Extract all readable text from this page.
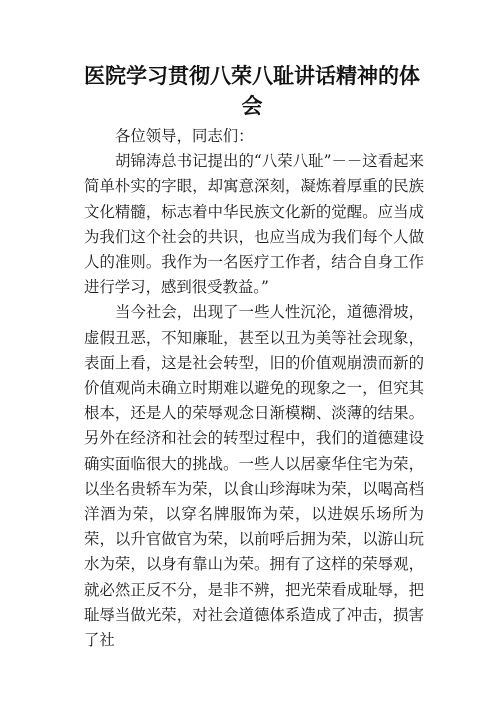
医院学习贯彻八荣八耻讲话精神的体会

各位领导，同志们：

胡锦涛总书记提出的“八荣八耻”－－这看起来简单朴实的字眼，却寓意深刻，凝炼着厚重的民族文化精髓，标志着中华民族文化新的觉醒。应当成为我们这个社会的共识，也应当成为我们每个人做人的准则。我作为一名医疗工作者，结合自身工作进行学习，感到很受教益。”

当今社会，出现了一些人性沉沦，道德滑坡，虚假丑恶，不知廉耻，甚至以丑为美等社会现象，表面上看，这是社会转型，旧的价值观崩溃而新的价值观尚未确立时期难以避免的现象之一，但究其根本，还是人的荣辱观念日渐模糊、淡薄的结果。另外在经济和社会的转型过程中，我们的道德建设确实面临很大的挑战。一些人以居豪华住宅为荣，以坐名贵轿车为荣，以食山珍海味为荣，以喝高档洋酒为荣，以穿名牌服饰为荣，以进娱乐场所为荣，以升官做官为荣，以前呼后拥为荣，以游山玩水为荣，以身有靠山为荣。拥有了这样的荣辱观，就必然正反不分，是非不辨，把光荣看成耻辱，把耻辱当做光荣，对社会道德体系造成了冲击，损害了社
